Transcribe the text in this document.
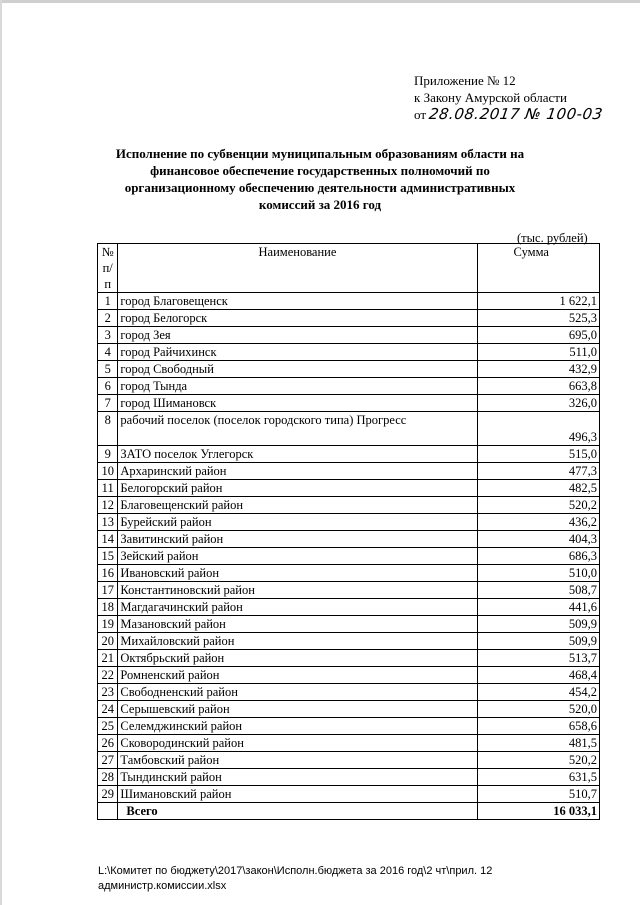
Приложение № 12
к Закону Амурской области
от 28.08.2017 № 100-03
Исполнение по субвенции муниципальным образованиям области на финансовое обеспечение государственных полномочий по организационному обеспечению деятельности административных комиссий за 2016 год
(тыс. рублей)
№ п/п	Наименование	Сумма
1	город Благовещенск	1 622,1
2	город Белогорск	525,3
3	город Зея	695,0
4	город Райчихинск	511,0
5	город Свободный	432,9
6	город Тында	663,8
7	город Шимановск	326,0
8	рабочий поселок (поселок городского типа) Прогресс	496,3
9	ЗАТО поселок Углегорск	515,0
10	Архаринский район	477,3
11	Белогорский район	482,5
12	Благовещенский район	520,2
13	Бурейский район	436,2
14	Завитинский район	404,3
15	Зейский район	686,3
16	Ивановский район	510,0
17	Константиновский район	508,7
18	Магдагачинский район	441,6
19	Мазановский район	509,9
20	Михайловский район	509,9
21	Октябрьский район	513,7
22	Ромненский район	468,4
23	Свободненский район	454,2
24	Серышевский район	520,0
25	Селемджинский район	658,6
26	Сковородинский район	481,5
27	Тамбовский район	520,2
28	Тындинский район	631,5
29	Шимановский район	510,7
	Всего	16 033,1
L:\Комитет по бюджету\2017\закон\Исполн.бюджета за 2016 год\2 чт\прил. 12
администр.комиссии.xlsx
